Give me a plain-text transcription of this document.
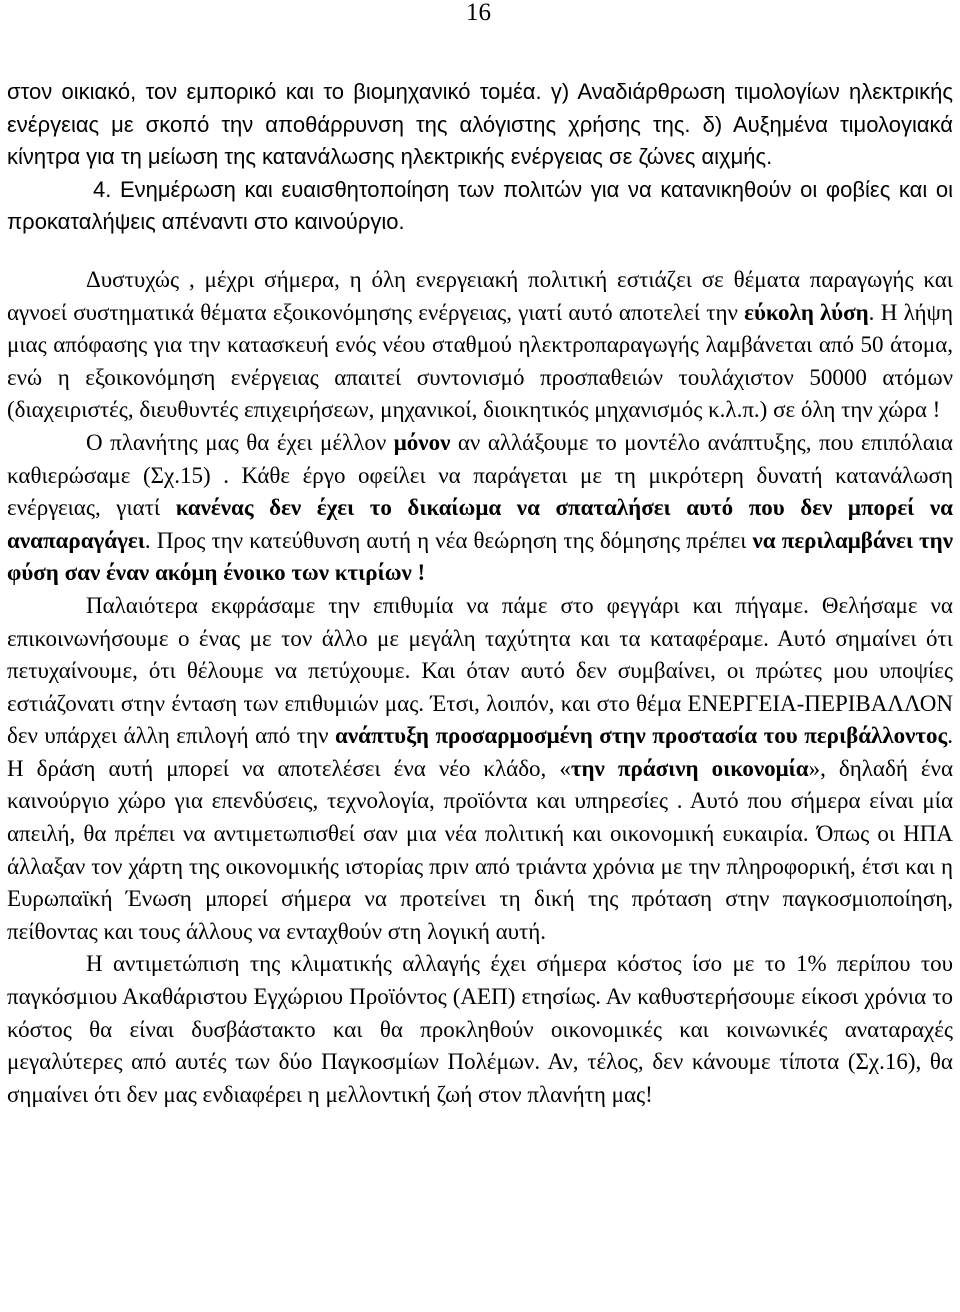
16

στον οικιακό, τον εμπορικό και το βιομηχανικό τομέα. γ) Αναδιάρθρωση τιμολογίων ηλεκτρικής ενέργειας με σκοπό την αποθάρρυνση της αλόγιστης χρήσης της. δ) Αυξημένα τιμολογιακά κίνητρα για τη μείωση της κατανάλωσης ηλεκτρικής ενέργειας σε ζώνες αιχμής.

4. Ενημέρωση και ευαισθητοποίηση των πολιτών για να κατανικηθούν οι φοβίες και οι προκαταλήψεις απέναντι στο καινούργιο.

Δυστυχώς , μέχρι σήμερα, η όλη ενεργειακή πολιτική εστιάζει σε θέματα παραγωγής και αγνοεί συστηματικά θέματα εξοικονόμησης ενέργειας, γιατί αυτό αποτελεί την εύκολη λύση. Η λήψη μιας απόφασης για την κατασκευή ενός νέου σταθμού ηλεκτροπαραγωγής λαμβάνεται από 50 άτομα, ενώ η εξοικονόμηση ενέργειας απαιτεί συντονισμό προσπαθειών τουλάχιστον 50000 ατόμων (διαχειριστές, διευθυντές επιχειρήσεων, μηχανικοί, διοικητικός μηχανισμός κ.λ.π.) σε όλη την χώρα !

Ο πλανήτης μας θα έχει μέλλον μόνον αν αλλάξουμε το μοντέλο ανάπτυξης, που επιπόλαια καθιερώσαμε (Σχ.15) . Κάθε έργο οφείλει να παράγεται με τη μικρότερη δυνατή κατανάλωση ενέργειας, γιατί κανένας δεν έχει το δικαίωμα να σπαταλήσει αυτό που δεν μπορεί να αναπαραγάγει. Προς την κατεύθυνση αυτή η νέα θεώρηση της δόμησης πρέπει να περιλαμβάνει την φύση σαν έναν ακόμη ένοικο των κτιρίων !

Παλαιότερα εκφράσαμε την επιθυμία να πάμε στο φεγγάρι και πήγαμε. Θελήσαμε να επικοινωνήσουμε ο ένας με τον άλλο με μεγάλη ταχύτητα και τα καταφέραμε. Αυτό σημαίνει ότι πετυχαίνουμε, ότι θέλουμε να πετύχουμε. Και όταν αυτό δεν συμβαίνει, οι πρώτες μου υποψίες εστιάζονατι στην ένταση των επιθυμιών μας. Έτσι, λοιπόν, και στο θέμα ΕΝΕΡΓΕΙΑ-ΠΕΡΙΒΑΛΛΟΝ δεν υπάρχει άλλη επιλογή από την ανάπτυξη προσαρμοσμένη στην προστασία του περιβάλλοντος. Η δράση αυτή μπορεί να αποτελέσει ένα νέο κλάδο, «την πράσινη οικονομία», δηλαδή ένα καινούργιο χώρο για επενδύσεις, τεχνολογία, προϊόντα και υπηρεσίες . Αυτό που σήμερα είναι μία απειλή, θα πρέπει να αντιμετωπισθεί σαν μια νέα πολιτική και οικονομική ευκαιρία. Όπως οι ΗΠΑ άλλαξαν τον χάρτη της οικονομικής ιστορίας πριν από τριάντα χρόνια με την πληροφορική, έτσι και η Ευρωπαϊκή Ένωση μπορεί σήμερα να προτείνει τη δική της πρόταση στην παγκοσμιοποίηση, πείθοντας και τους άλλους να ενταχθούν στη λογική αυτή.

Η αντιμετώπιση της κλιματικής αλλαγής έχει σήμερα κόστος ίσο με το 1% περίπου του παγκόσμιου Ακαθάριστου Εγχώριου Προϊόντος (ΑΕΠ) ετησίως. Αν καθυστερήσουμε είκοσι χρόνια το κόστος θα είναι δυσβάστακτο και θα προκληθούν οικονομικές και κοινωνικές αναταραχές μεγαλύτερες από αυτές των δύο Παγκοσμίων Πολέμων. Αν, τέλος, δεν κάνουμε τίποτα (Σχ.16), θα σημαίνει ότι δεν μας ενδιαφέρει η μελλοντική ζωή στον πλανήτη μας!
